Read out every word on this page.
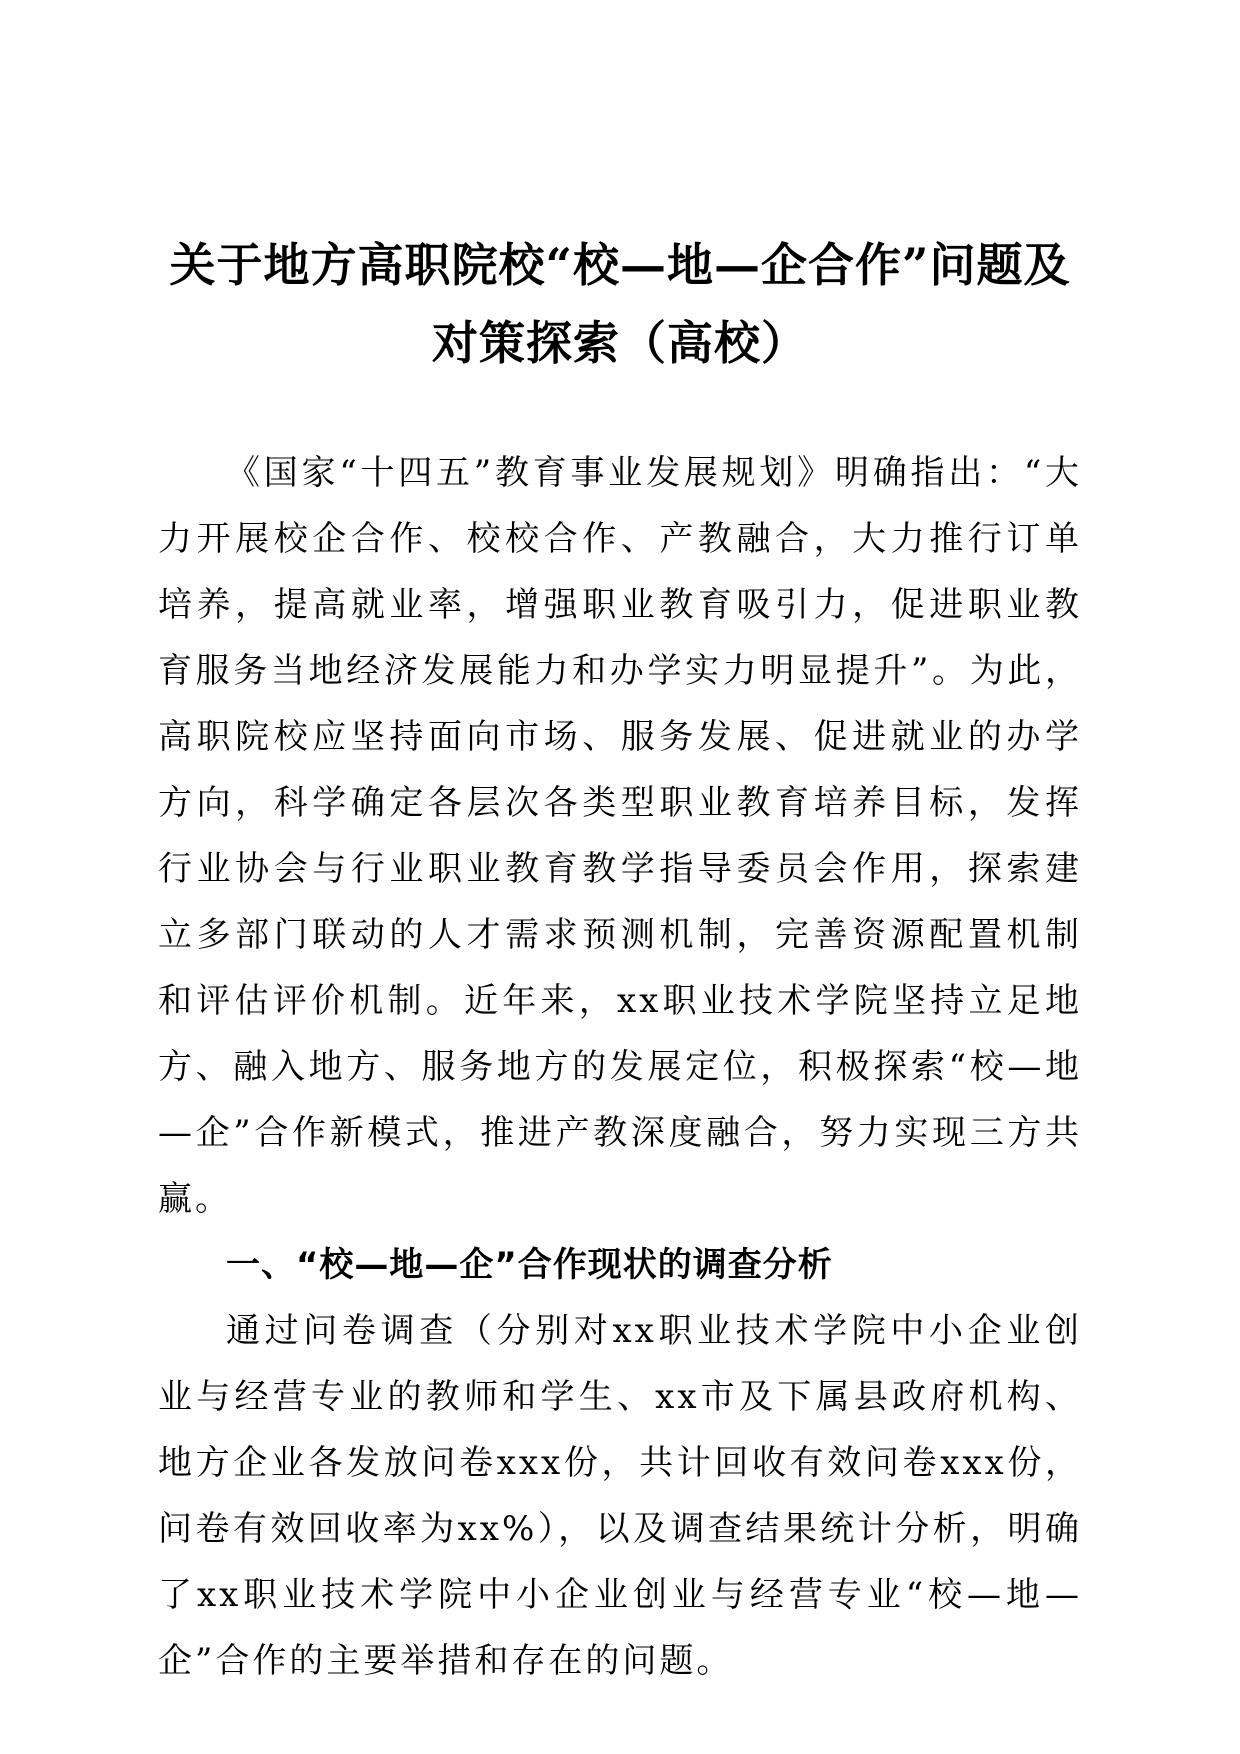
关于地方高职院校“校—地—企合作”问题及
对策探索（高校）

《国家“十四五”教育事业发展规划》明确指出：“大力开展校企合作、校校合作、产教融合，大力推行订单培养，提高就业率，增强职业教育吸引力，促进职业教育服务当地经济发展能力和办学实力明显提升”。为此，高职院校应坚持面向市场、服务发展、促进就业的办学方向，科学确定各层次各类型职业教育培养目标，发挥行业协会与行业职业教育教学指导委员会作用，探索建立多部门联动的人才需求预测机制，完善资源配置机制和评估评价机制。近年来，xx职业技术学院坚持立足地方、融入地方、服务地方的发展定位，积极探索“校—地—企”合作新模式，推进产教深度融合，努力实现三方共赢。

一、“校—地—企”合作现状的调查分析

通过问卷调查（分别对xx职业技术学院中小企业创业与经营专业的教师和学生、xx市及下属县政府机构、地方企业各发放问卷xxx份，共计回收有效问卷xxx份，问卷有效回收率为xx%），以及调查结果统计分析，明确了xx职业技术学院中小企业创业与经营专业“校—地—企”合作的主要举措和存在的问题。
